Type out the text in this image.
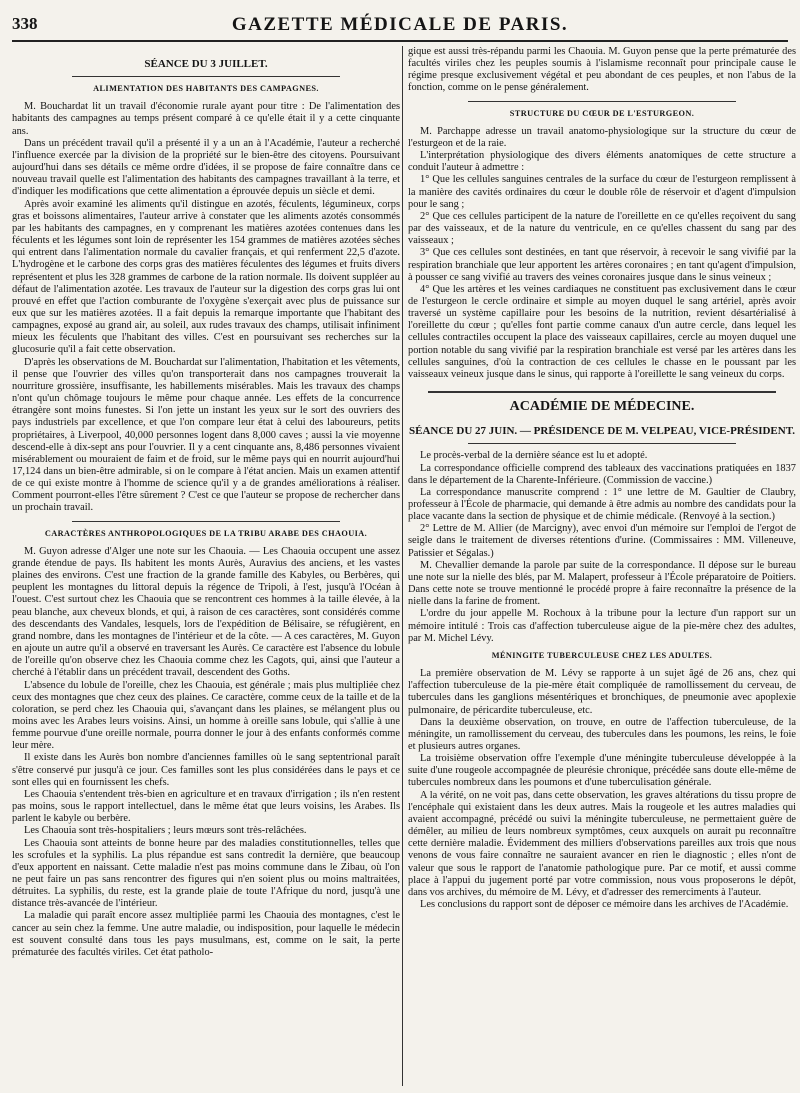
338	GAZETTE MÉDICALE DE PARIS.
SÉANCE DU 3 JUILLET.
ALIMENTATION DES HABITANTS DES CAMPAGNES.

M. Bouchardat lit un travail d'économie rurale ayant pour titre : De l'alimentation des habitants des campagnes au temps présent comparé à ce qu'elle était il y a cette cinquante ans.

Dans un précédent travail qu'il a présenté il y a un an à l'Académie, l'auteur a recherché l'influence exercée par la division de la propriété sur le bien-être des citoyens. Poursuivant aujourd'hui dans ses détails ce même ordre d'idées, il se propose de faire connaître dans ce nouveau travail quelle est l'alimentation des habitants des campagnes travaillant à la terre, et d'indiquer les modifications que cette alimentation a éprouvée depuis un siècle et demi.

Après avoir examiné les aliments qu'il distingue en azotés, féculents, légumineux, corps gras et boissons alimentaires, l'auteur arrive à constater que les aliments azotés consommés par les habitants des campagnes, en y comprenant les matières azotées contenues dans les féculents et les légumes sont loin de représenter les 154 grammes de matières azotées sèches qui entrent dans l'alimentation normale du cavalier français, et qui renferment 22,5 d'azote. L'hydrogène et le carbone des corps gras des matières féculentes des légumes et fruits divers représentent et plus les 328 grammes de carbone de la ration normale. Ils doivent suppléer au défaut de l'alimentation azotée. Les travaux de l'auteur sur la digestion des corps gras lui ont prouvé en effet que l'action comburante de l'oxygène s'exerçait avec plus de puissance sur eux que sur les matières azotées. Il a fait depuis la remarque importante que l'habitant des campagnes, exposé au grand air, au soleil, aux rudes travaux des champs, utilisait infiniment mieux les féculents que l'habitant des villes. C'est en poursuivant ses recherches sur la glucosurie qu'il a fait cette observation.

D'après les observations de M. Bouchardat sur l'alimentation, l'habitation et les vêtements, il pense que l'ouvrier des villes qu'on transporterait dans nos campagnes trouverait la nourriture grossière, insuffisante, les habillements misérables. Mais les travaux des champs n'ont qu'un chômage toujours le même pour chaque année. Les effets de la concurrence étrangère sont moins funestes. Si l'on jette un instant les yeux sur le sort des ouvriers des pays industriels par excellence, et que l'on compare leur état à celui des laboureurs, petits propriétaires, à Liverpool, 40,000 personnes logent dans 8,000 caves ; aussi la vie moyenne descend-elle à dix-sept ans pour l'ouvrier. Il y a cent cinquante ans, 8,486 personnes vivaient misérablement ou mouraient de faim et de froid, sur le même pays qui en nourrit aujourd'hui 17,124 dans un bien-être admirable, si on le compare à l'état ancien. Mais un examen attentif de ce qui existe montre à l'homme de science qu'il y a de grandes améliorations à réaliser. Comment pourront-elles l'être sûrement ? C'est ce que l'auteur se propose de rechercher dans un prochain travail.

CARACTÈRES ANTHROPOLOGIQUES DE LA TRIBU ARABE DES CHAOUIA.

M. Guyon adresse d'Alger une note sur les Chaouia. — Les Chaouia occupent une assez grande étendue de pays. Ils habitent les monts Aurès, Auravius des anciens, et les vastes plaines des environs. C'est une fraction de la grande famille des Kabyles, ou Berbères, qui peuplent les montagnes du littoral depuis la régence de Tripoli, à l'est, jusqu'à l'Océan à l'ouest. C'est surtout chez les Chaouia que se rencontrent ces hommes à la taille élevée, à la peau blanche, aux cheveux blonds, et qui, à raison de ces caractères, sont considérés comme des descendants des Vandales, lesquels, lors de l'expédition de Bélisaire, se réfugièrent, en grand nombre, dans les montagnes de l'intérieur et de la côte. — A ces caractères, M. Guyon en ajoute un autre qu'il a observé en traversant les Aurès. Ce caractère est l'absence du lobule de l'oreille qu'on observe chez les Chaouia comme chez les Cagots, qui, ainsi que l'auteur a cherché à l'établir dans un précédent travail, descendent des Goths.

L'absence du lobule de l'oreille, chez les Chaouia, est générale ; mais plus multipliée chez ceux des montagnes que chez ceux des plaines. Ce caractère, comme ceux de la taille et de la coloration, se perd chez les Chaouia qui, s'avançant dans les plaines, se mélangent plus ou moins avec les Arabes leurs voisins. Ainsi, un homme à oreille sans lobule, qui s'allie à une femme pourvue d'une oreille normale, pourra donner le jour à des enfants conformés comme leur mère.

Il existe dans les Aurès bon nombre d'anciennes familles où le sang septentrional paraît s'être conservé pur jusqu'à ce jour. Ces familles sont les plus considérées dans le pays et ce sont elles qui en fournissent les chefs.

Les Chaouia s'entendent très-bien en agriculture et en travaux d'irrigation ; ils n'en restent pas moins, sous le rapport intellectuel, dans le même état que leurs voisins, les Arabes. Ils parlent le kabyle ou berbère.

Les Chaouia sont très-hospitaliers ; leurs mœurs sont très-relâchées.

Les Chaouia sont atteints de bonne heure par des maladies constitutionnelles, telles que les scrofules et la syphilis. La plus répandue est sans contredit la dernière, que beaucoup d'eux apportent en naissant. Cette maladie n'est pas moins commune dans le Zibau, où l'on ne peut faire un pas sans rencontrer des figures qui n'en soient plus ou moins maltraitées, détruites. La syphilis, du reste, est la grande plaie de toute l'Afrique du nord, jusqu'à une distance très-avancée de l'intérieur.

La maladie qui paraît encore assez multipliée parmi les Chaouia des montagnes, c'est le cancer au sein chez la femme. Une autre maladie, ou indisposition, pour laquelle le médecin est souvent consulté dans tous les pays musulmans, est, comme on le sait, la perte prématurée des facultés viriles. Cet état patholo-

gique est aussi très-répandu parmi les Chaouia. M. Guyon pense que la perte prématurée des facultés viriles chez les peuples soumis à l'islamisme reconnaît pour principale cause le régime presque exclusivement végétal et peu abondant de ces peuples, et non l'abus de la fonction, comme on le pense généralement.

STRUCTURE DU CŒUR DE L'ESTURGEON.

M. Parchappe adresse un travail anatomo-physiologique sur la structure du cœur de l'esturgeon et de la raie.

L'interprétation physiologique des divers éléments anatomiques de cette structure a conduit l'auteur à admettre :

1° Que les cellules sanguines centrales de la surface du cœur de l'esturgeon remplissent à la manière des cavités ordinaires du cœur le double rôle de réservoir et d'agent d'impulsion pour le sang ;

2° Que ces cellules participent de la nature de l'oreillette en ce qu'elles reçoivent du sang par des vaisseaux, et de la nature du ventricule, en ce qu'elles chassent du sang par des vaisseaux ;

3° Que ces cellules sont destinées, en tant que réservoir, à recevoir le sang vivifié par la respiration branchiale que leur apportent les artères coronaires ; en tant qu'agent d'impulsion, à pousser ce sang vivifié au travers des veines coronaires jusque dans le sinus veineux ;

4° Que les artères et les veines cardiaques ne constituent pas exclusivement dans le cœur de l'esturgeon le cercle ordinaire et simple au moyen duquel le sang artériel, après avoir traversé un système capillaire pour les besoins de la nutrition, revient désartérialisé à l'oreillette du cœur ; qu'elles font partie comme canaux d'un autre cercle, dans lequel les cellules contractiles occupent la place des vaisseaux capillaires, cercle au moyen duquel une portion notable du sang vivifié par la respiration branchiale est versé par les artères dans les cellules sanguines, d'où la contraction de ces cellules le chasse en le poussant par les vaisseaux veineux jusque dans le sinus, qui rapporte à l'oreillette le sang veineux du corps.

ACADÉMIE DE MÉDECINE.
SÉANCE DU 27 JUIN. — PRÉSIDENCE DE M. VELPEAU, VICE-PRÉSIDENT.

Le procès-verbal de la dernière séance est lu et adopté.

La correspondance officielle comprend des tableaux des vaccinations pratiquées en 1837 dans le département de la Charente-Inférieure. (Commission de vaccine.)

La correspondance manuscrite comprend : 1° une lettre de M. Gaultier de Claubry, professeur à l'École de pharmacie, qui demande à être admis au nombre des candidats pour la place vacante dans la section de physique et de chimie médicale. (Renvoyé à la section.)

2° Lettre de M. Allier (de Marcigny), avec envoi d'un mémoire sur l'emploi de l'ergot de seigle dans le traitement de diverses rétentions d'urine. (Commissaires : MM. Villeneuve, Patissier et Ségalas.)

M. Chevallier demande la parole par suite de la correspondance. Il dépose sur le bureau une note sur la nielle des blés, par M. Malapert, professeur à l'École préparatoire de Poitiers. Dans cette note se trouve mentionné le procédé propre à faire reconnaître la présence de la nielle dans la farine de froment.

L'ordre du jour appelle M. Rochoux à la tribune pour la lecture d'un rapport sur un mémoire intitulé : Trois cas d'affection tuberculeuse aigue de la pie-mère chez des adultes, par M. Michel Lévy.

MÉNINGITE TUBERCULEUSE CHEZ LES ADULTES.

La première observation de M. Lévy se rapporte à un sujet âgé de 26 ans, chez qui l'affection tuberculeuse de la pie-mère était compliquée de ramollissement du cerveau, de tubercules dans les ganglions mésentériques et bronchiques, de pneumonie avec apoplexie pulmonaire, de péricardite tuberculeuse, etc.

Dans la deuxième observation, on trouve, en outre de l'affection tuberculeuse, de la méningite, un ramollissement du cerveau, des tubercules dans les poumons, les reins, le foie et plusieurs autres organes.

La troisième observation offre l'exemple d'une méningite tuberculeuse développée à la suite d'une rougeole accompagnée de pleurésie chronique, précédée sans doute elle-même de tubercules nombreux dans les poumons et d'une tuberculisation générale.

A la vérité, on ne voit pas, dans cette observation, les graves altérations du tissu propre de l'encéphale qui existaient dans les deux autres. Mais la rougeole et les autres maladies qui avaient accompagné, précédé ou suivi la méningite tuberculeuse, ne permettaient guère de démêler, au milieu de leurs nombreux symptômes, ceux auxquels on aurait pu reconnaître cette dernière maladie. Évidemment des milliers d'observations pareilles aux trois que nous venons de vous faire connaître ne sauraient avancer en rien le diagnostic ; elles n'ont de valeur que sous le rapport de l'anatomie pathologique pure. Par ce motif, et aussi comme place à l'appui du jugement porté par votre commission, nous vous proposerons le dépôt, dans vos archives, du mémoire de M. Lévy, et d'adresser des remerciments à l'auteur.

Les conclusions du rapport sont de déposer ce mémoire dans les archives de l'Académie.
